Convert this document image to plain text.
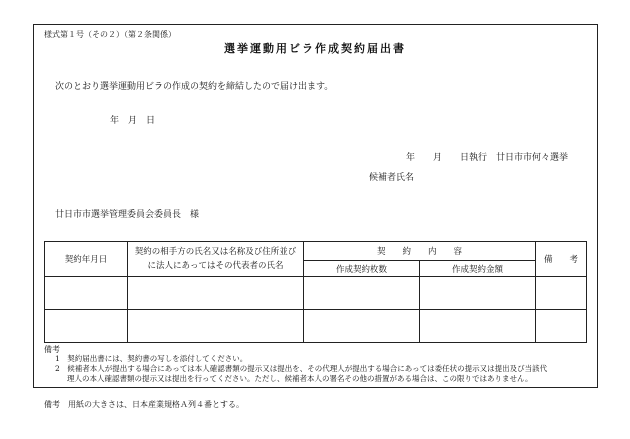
様式第１号（その２）（第２条関係）
選挙運動用ビラ作成契約届出書
次のとおり選挙運動用ビラの作成の契約を締結したので届け出ます。
年　月　日
年　　月　　日執行　廿日市市何々選挙
候補者氏名
廿日市市選挙管理委員会委員長　様
契約年月日	契約の相手方の氏名又は名称及び住所並びに法人にあってはその代表者の氏名	契　　約　　内　　容		備　　考
		作成契約枚数	作成契約金額	

備考
1　契約届出書には、契約書の写しを添付してください。
2　候補者本人が提出する場合にあっては本人確認書類の提示又は提出を、その代理人が提出する場合にあっては委任状の提示又は提出及び当該代
理人の本人確認書類の提示又は提出を行ってください。ただし、候補者本人の署名その他の措置がある場合は、この限りではありません。
備考　用紙の大きさは、日本産業規格Ａ列４番とする。
